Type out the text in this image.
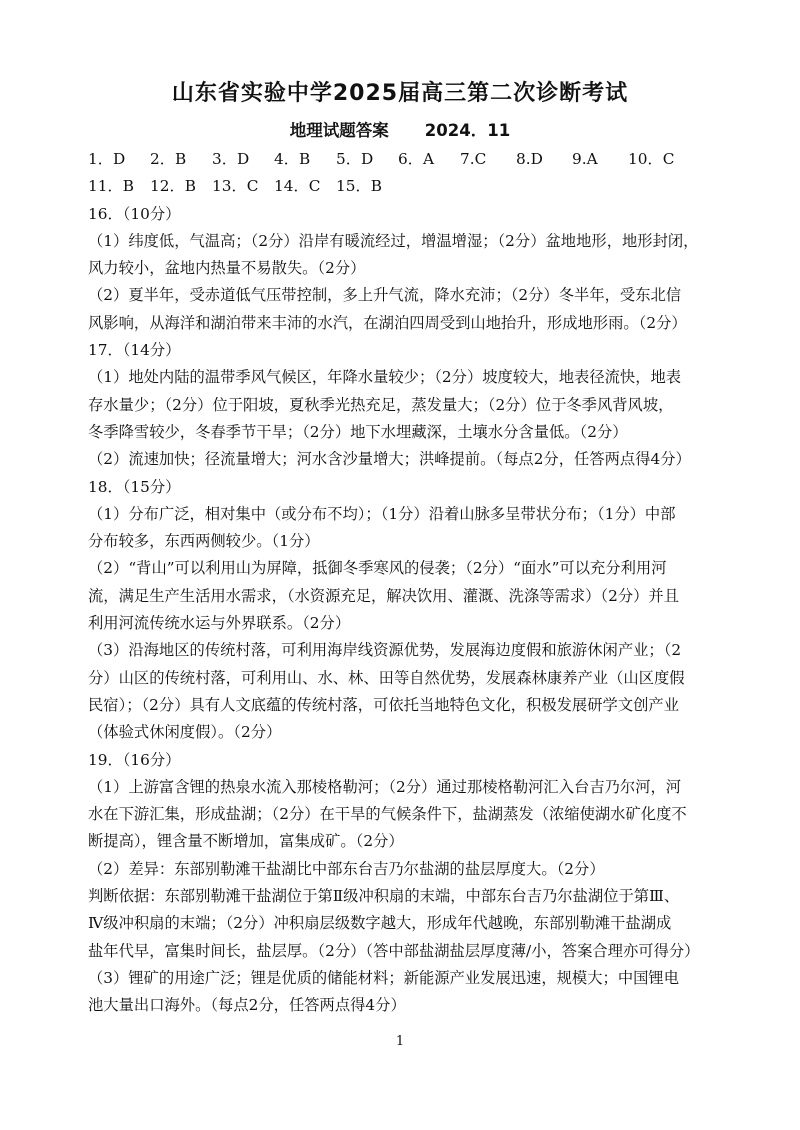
山东省实验中学2025届高三第二次诊断考试
地理试题答案 2024．11
1．D	2．B	3．D	4．B	5．D	6．A	7.C	8.D	9.A	10．C
11．B	12．B	13．C	14．C	15．B
16．（10分）
（1）纬度低，气温高；（2分）沿岸有暖流经过，增温增湿；（2分）盆地地形，地形封闭，
风力较小，盆地内热量不易散失。（2分）
（2）夏半年，受赤道低气压带控制，多上升气流，降水充沛；（2分）冬半年，受东北信
风影响，从海洋和湖泊带来丰沛的水汽，在湖泊四周受到山地抬升，形成地形雨。（2分）
17．（14分）
（1）地处内陆的温带季风气候区，年降水量较少；（2分）坡度较大，地表径流快，地表
存水量少；（2分）位于阳坡，夏秋季光热充足，蒸发量大；（2分）位于冬季风背风坡，
冬季降雪较少，冬春季节干旱；（2分）地下水埋藏深，土壤水分含量低。（2分）
（2）流速加快；径流量增大；河水含沙量增大；洪峰提前。（每点2分，任答两点得4分）
18．（15分）
（1）分布广泛，相对集中（或分布不均）；（1分）沿着山脉多呈带状分布；（1分）中部
分布较多，东西两侧较少。（1分）
（2）“背山”可以利用山为屏障，抵御冬季寒风的侵袭；（2分）“面水”可以充分利用河
流，满足生产生活用水需求，（水资源充足，解决饮用、灌溉、洗涤等需求）（2分）并且
利用河流传统水运与外界联系。（2分）
（3）沿海地区的传统村落，可利用海岸线资源优势，发展海边度假和旅游休闲产业；（2
分）山区的传统村落，可利用山、水、林、田等自然优势，发展森林康养产业（山区度假
民宿）；（2分）具有人文底蕴的传统村落，可依托当地特色文化，积极发展研学文创产业
（体验式休闲度假）。（2分）
19．（16分）
（1）上游富含锂的热泉水流入那棱格勒河；（2分）通过那棱格勒河汇入台吉乃尔河，河
水在下游汇集，形成盐湖；（2分）在干旱的气候条件下，盐湖蒸发（浓缩使湖水矿化度不
断提高），锂含量不断增加，富集成矿。（2分）
（2）差异：东部别勒滩干盐湖比中部东台吉乃尔盐湖的盐层厚度大。（2分）
判断依据：东部别勒滩干盐湖位于第Ⅱ级冲积扇的末端，中部东台吉乃尔盐湖位于第Ⅲ、
Ⅳ级冲积扇的末端；（2分）冲积扇层级数字越大，形成年代越晚，东部别勒滩干盐湖成
盐年代早，富集时间长，盐层厚。（2分）（答中部盐湖盐层厚度薄/小，答案合理亦可得分）
（3）锂矿的用途广泛；锂是优质的储能材料；新能源产业发展迅速，规模大；中国锂电
池大量出口海外。（每点2分，任答两点得4分）
1
